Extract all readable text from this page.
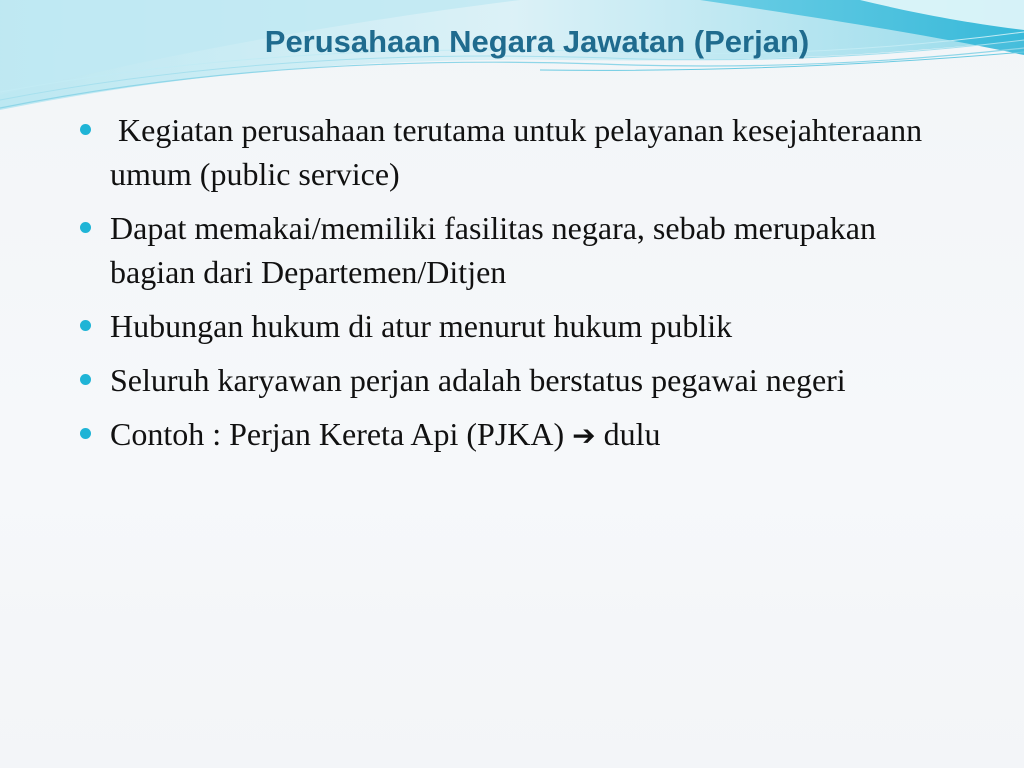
Perusahaan Negara Jawatan (Perjan)
Kegiatan perusahaan terutama untuk pelayanan kesejahteraann umum (public service)
Dapat memakai/memiliki fasilitas negara, sebab merupakan bagian dari Departemen/Ditjen
Hubungan hukum di atur menurut hukum publik
Seluruh karyawan perjan adalah berstatus pegawai negeri
Contoh : Perjan Kereta Api (PJKA) ➔ dulu
